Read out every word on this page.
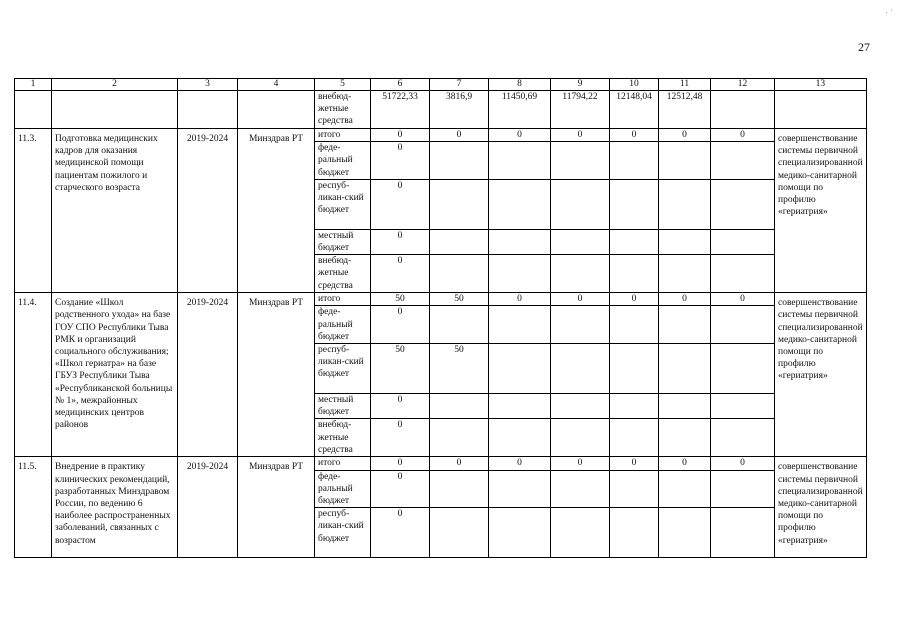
27
‧ ˙
1	2	3	4	5	6	7	8	9	10	11	12	13
				внебюд-жетные средства	51722,33	3816,9	11450,69	11794,22	12148,04	12512,48		
11.3.	Подготовка медицинских кадров для оказания медицинской помощи пациентам пожилого и старческого возраста	2019-2024	Минздрав РТ	итого	0	0	0	0	0	0	0	совершенствование системы первичной специализированной медико-санитарной помощи по профилю «гериатрия»
				феде-ральный бюджет	0							
				респуб-ликан-ский бюджет	0							
				местный бюджет	0							
				внебюд-жетные средства	0							
11.4.	Создание «Школ родственного ухода» на базе ГОУ СПО Республики Тыва РМК и организаций социального обслуживания; «Школ гериатра» на базе ГБУЗ Республики Тыва «Республиканской больницы № 1», межрайонных медицинских центров районов	2019-2024	Минздрав РТ	итого	50	50	0	0	0	0	0	совершенствование системы первичной специализированной медико-санитарной помощи по профилю «гериатрия»
				феде-ральный бюджет	0							
				респуб-ликан-ский бюджет	50	50						
				местный бюджет	0							
				внебюд-жетные средства	0							
11.5.	Внедрение в практику клинических рекомендаций, разработанных Минздравом России, по ведению 6 наиболее распространенных заболеваний, связанных с возрастом	2019-2024	Минздрав РТ	итого	0	0	0	0	0	0	0	совершенствование системы первичной специализированной медико-санитарной помощи по профилю «гериатрия»
				феде-ральный бюджет	0							
				респуб-ликан-ский бюджет	0							
